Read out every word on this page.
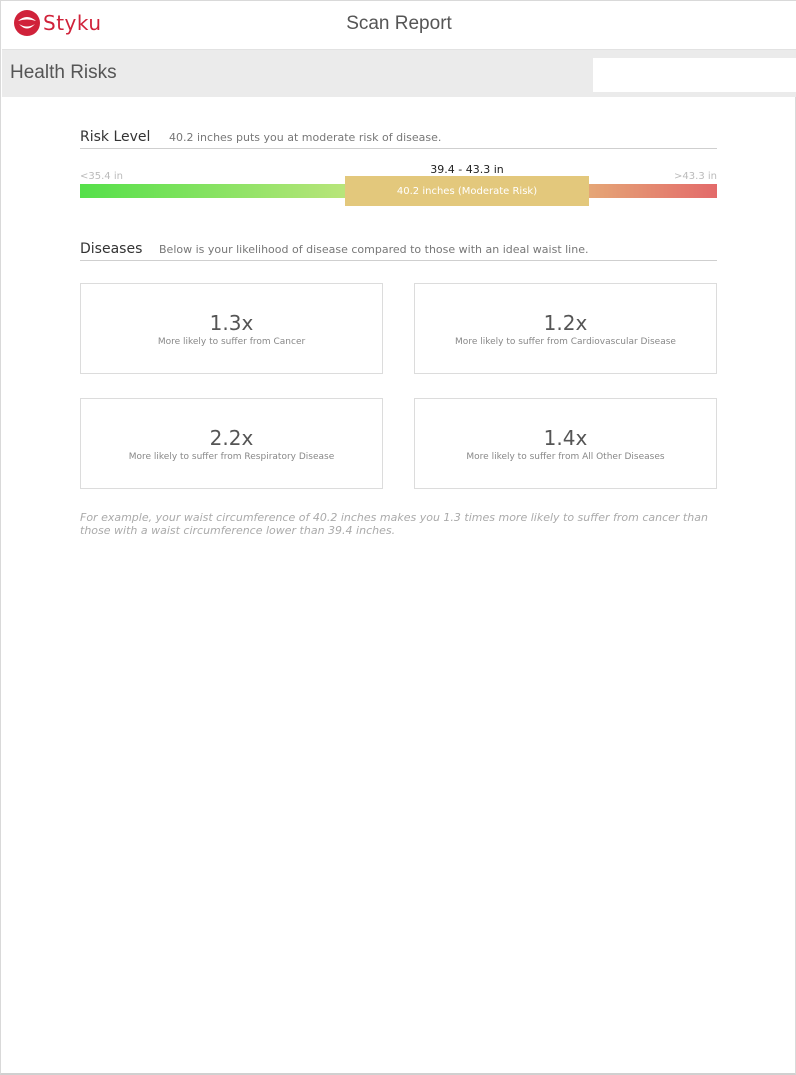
Styku	Scan Report
Health Risks
Risk Level 40.2 inches puts you at moderate risk of disease.
39.4 - 43.3 in
<35.4 in	>43.3 in
40.2 inches (Moderate Risk)
Diseases Below is your likelihood of disease compared to those with an ideal waist line.
1.3x
More likely to suffer from Cancer
1.2x
More likely to suffer from Cardiovascular Disease
2.2x
More likely to suffer from Respiratory Disease
1.4x
More likely to suffer from All Other Diseases
For example, your waist circumference of 40.2 inches makes you 1.3 times more likely to suffer from cancer than those with a waist circumference lower than 39.4 inches.
